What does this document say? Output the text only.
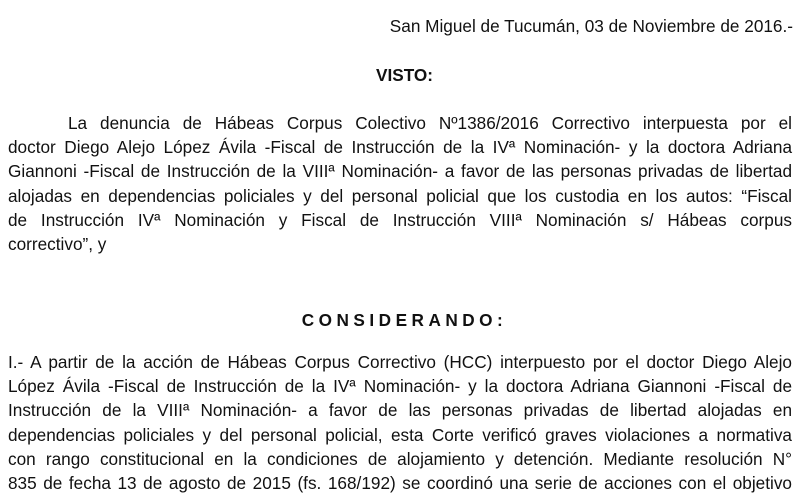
San Miguel de Tucumán, 03 de Noviembre de 2016.-
VISTO:
La denuncia de Hábeas Corpus Colectivo Nº1386/2016 Correctivo interpuesta por el
doctor Diego Alejo López Ávila -Fiscal de Instrucción de la IVª Nominación- y la doctora Adriana
Giannoni -Fiscal de Instrucción de la VIIIª Nominación- a favor de las personas privadas de libertad
alojadas en dependencias policiales y del personal policial que los custodia en los autos: “Fiscal
de Instrucción IVª Nominación y Fiscal de Instrucción VIIIª Nominación s/ Hábeas corpus
correctivo”, y
CONSIDERANDO:
I.- A partir de la acción de Hábeas Corpus Correctivo (HCC) interpuesto por el doctor Diego Alejo
López Ávila -Fiscal de Instrucción de la IVª Nominación- y la doctora Adriana Giannoni -Fiscal de
Instrucción de la VIIIª Nominación- a favor de las personas privadas de libertad alojadas en
dependencias policiales y del personal policial, esta Corte verificó graves violaciones a normativa
con rango constitucional en la condiciones de alojamiento y detención. Mediante resolución N°
835 de fecha 13 de agosto de 2015 (fs. 168/192) se coordinó una serie de acciones con el objetivo
